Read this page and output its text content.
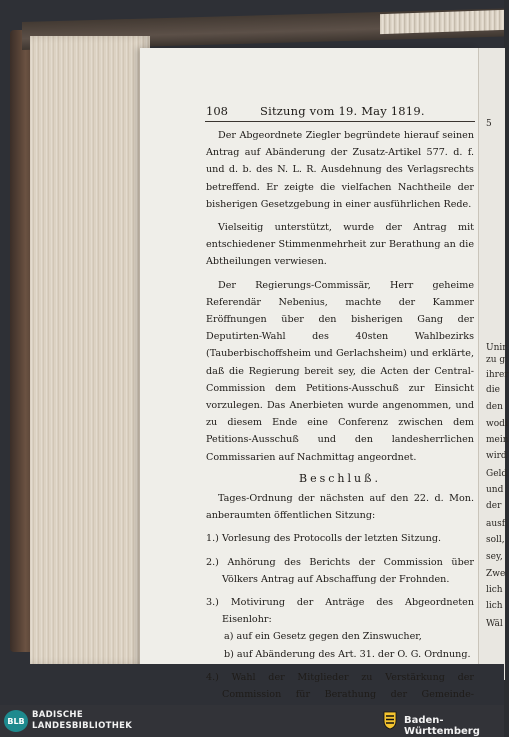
5
Unir
zu g
ihrer
die
den
wodi
mein
wird
Geld
und
der
ausf
soll,
sey,
Zwe
lich
lich
Wäl
108	Sitzung vom 19. May 1819.

Der Abgeordnete Ziegler begründete hierauf seinen Antrag auf Abänderung der Zusatz-Artikel 577. d. f. und d. b. des N. L. R. Ausdehnung des Verlagsrechts betreffend. Er zeigte die vielfachen Nachtheile der bisherigen Gesetzgebung in einer ausführlichen Rede.

Vielseitig unterstützt, wurde der Antrag mit entschiedener Stimmenmehrheit zur Berathung an die Abtheilungen verwiesen.

Der Regierungs-Commissär, Herr geheime Referendär Nebenius, machte der Kammer Eröffnungen über den bisherigen Gang der Deputirten-Wahl des 40sten Wahlbezirks (Tauberbischoffsheim und Gerlachsheim) und erklärte, daß die Regierung bereit sey, die Acten der Central-Commission dem Petitions-Ausschuß zur Einsicht vorzulegen. Das Anerbieten wurde angenommen, und zu diesem Ende eine Conferenz zwischen dem Petitions-Ausschuß und den landesherrlichen Commissarien auf Nachmittag angeordnet.

Beschluß.

Tages-Ordnung der nächsten auf den 22. d. Mon. anberaumten öffentlichen Sitzung:

1.) Vorlesung des Protocolls der letzten Sitzung.

2.) Anhörung des Berichts der Commission über Völkers Antrag auf Abschaffung der Frohnden.

3.) Motivirung der Anträge des Abgeordneten Eisenlohr:

a) auf ein Gesetz gegen den Zinswucher,

b) auf Abänderung des Art. 31. der O. G. Ordnung.

4.) Wahl der Mitglieder zu Verstärkung der Commission für Berathung der Gemeinde-

BLB
BADISCHE
LANDESBIBLIOTHEK	Baden-Württemberg
